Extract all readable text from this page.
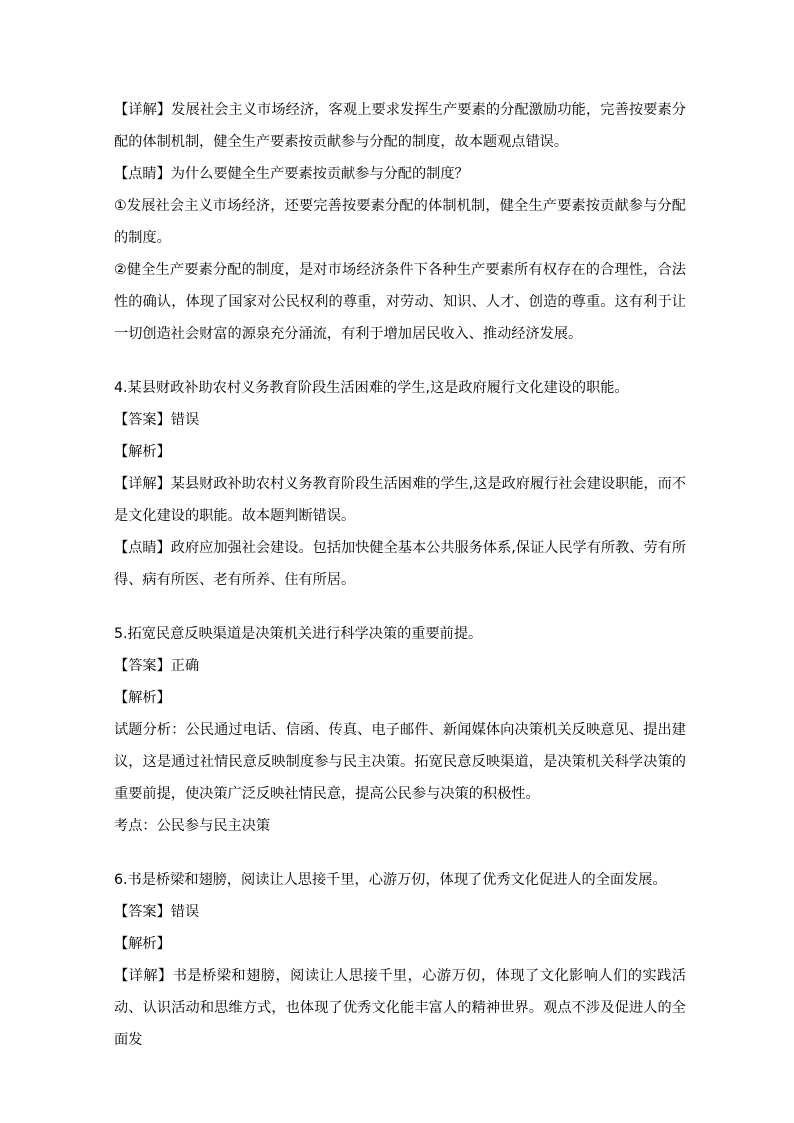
【详解】发展社会主义市场经济，客观上要求发挥生产要素的分配激励功能，完善按要素分配的体制机制，健全生产要素按贡献参与分配的制度，故本题观点错误。

【点睛】为什么要健全生产要素按贡献参与分配的制度？

①发展社会主义市场经济，还要完善按要素分配的体制机制，健全生产要素按贡献参与分配的制度。

②健全生产要素分配的制度，是对市场经济条件下各种生产要素所有权存在的合理性，合法性的确认，体现了国家对公民权利的尊重，对劳动、知识、人才、创造的尊重。这有利于让一切创造社会财富的源泉充分涌流，有利于增加居民收入、推动经济发展。

4.某县财政补助农村义务教育阶段生活困难的学生,这是政府履行文化建设的职能。

【答案】错误

【解析】

【详解】某县财政补助农村义务教育阶段生活困难的学生,这是政府履行社会建设职能，而不是文化建设的职能。故本题判断错误。

【点睛】政府应加强社会建设。包括加快健全基本公共服务体系,保证人民学有所教、劳有所得、病有所医、老有所养、住有所居。

5.拓宽民意反映渠道是决策机关进行科学决策的重要前提。

【答案】正确

【解析】

试题分析：公民通过电话、信函、传真、电子邮件、新闻媒体向决策机关反映意见、提出建议，这是通过社情民意反映制度参与民主决策。拓宽民意反映渠道，是决策机关科学决策的重要前提，使决策广泛反映社情民意，提高公民参与决策的积极性。

考点：公民参与民主决策

6.书是桥梁和翅膀，阅读让人思接千里，心游万仞，体现了优秀文化促进人的全面发展。

【答案】错误

【解析】

【详解】书是桥梁和翅膀，阅读让人思接千里，心游万仞，体现了文化影响人们的实践活动、认识活动和思维方式，也体现了优秀文化能丰富人的精神世界。观点不涉及促进人的全面发
